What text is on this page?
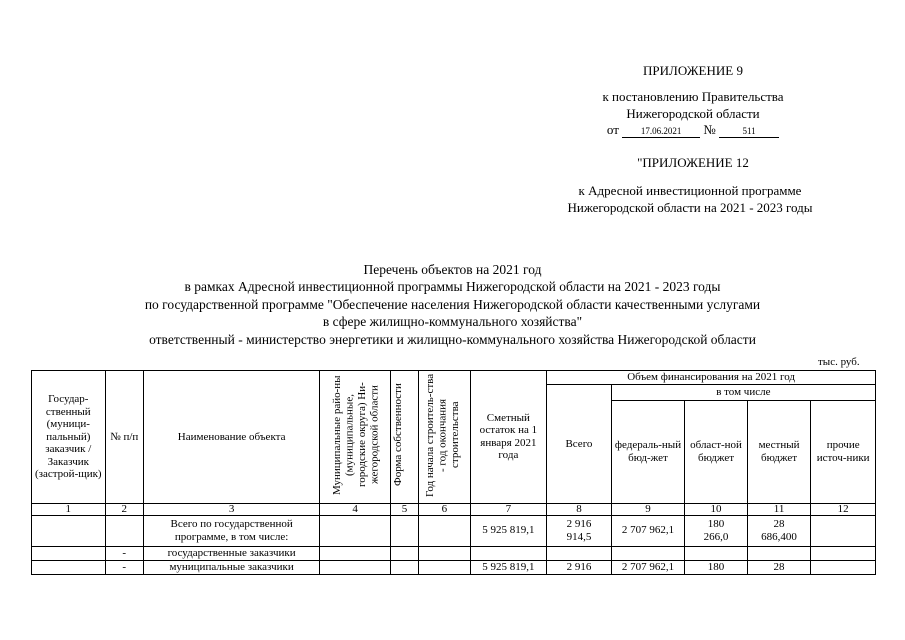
ПРИЛОЖЕНИЕ 9
к постановлению Правительства
Нижегородской области
от 17.06.2021 №	511
"ПРИЛОЖЕНИЕ 12
к Адресной инвестиционной программе
Нижегородской области на 2021 - 2023 годы
Перечень объектов на 2021 год
в рамках Адресной инвестиционной программы Нижегородской области на 2021 - 2023 годы
по государственной программе "Обеспечение населения Нижегородской области качественными услугами
в сфере жилищно-коммунального хозяйства"
ответственный - министерство энергетики и жилищно-коммунального хозяйства Нижегородской области
тыс. руб.
Государ-ственный (муници-пальный) заказчик / Заказчик (застрой-щик)	№ п/п	Наименование объекта	Муниципальные райо-ны (муниципальные, городские округа) Ни-жегородской области	Форма собственности	Год начала строитель-ства - год окончания строительства	Сметный остаток на 1 января 2021 года	Объем финансирования на 2021 год				
							Всего	в том числе			
								федераль-ный бюд-жет	област-ной бюджет	местный бюджет	прочие источ-ники
1	2	3	4	5	6	7	8	9	10	11	12
		Всего по государственной программе, в том числе:				5 925 819,1	2 916 914,5	2 707 962,1	180 266,0	28 686,400	
	-	государственные заказчики									
	-	муниципальные заказчики				5 925 819,1	2 916	2 707 962,1	180	28	
